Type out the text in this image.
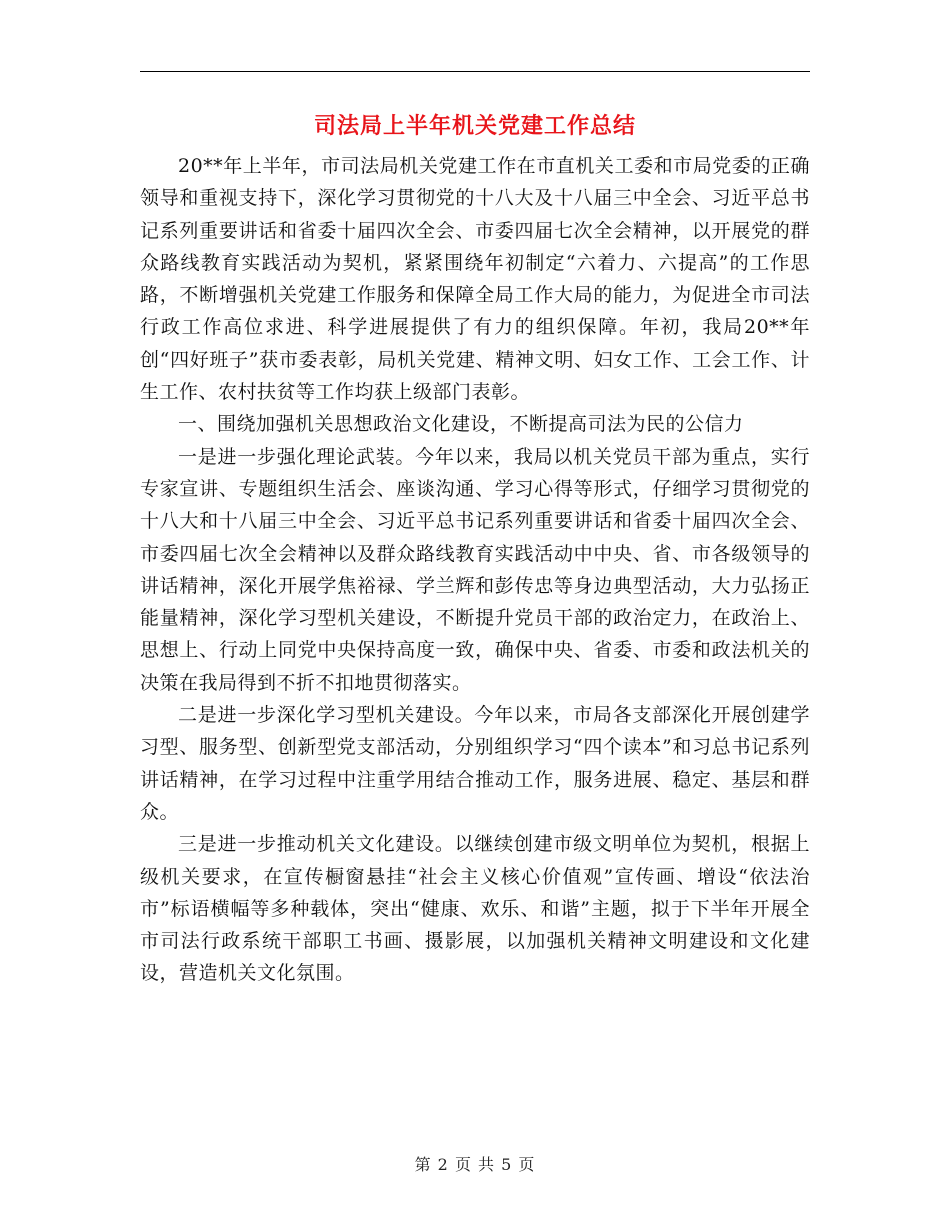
司法局上半年机关党建工作总结

20**年上半年，市司法局机关党建工作在市直机关工委和市局党委的正确领导和重视支持下，深化学习贯彻党的十八大及十八届三中全会、习近平总书记系列重要讲话和省委十届四次全会、市委四届七次全会精神，以开展党的群众路线教育实践活动为契机，紧紧围绕年初制定“六着力、六提高”的工作思路，不断增强机关党建工作服务和保障全局工作大局的能力，为促进全市司法行政工作高位求进、科学进展提供了有力的组织保障。年初，我局20**年创“四好班子”获市委表彰，局机关党建、精神文明、妇女工作、工会工作、计生工作、农村扶贫等工作均获上级部门表彰。

一、围绕加强机关思想政治文化建设，不断提高司法为民的公信力

一是进一步强化理论武装。今年以来，我局以机关党员干部为重点，实行专家宣讲、专题组织生活会、座谈沟通、学习心得等形式，仔细学习贯彻党的十八大和十八届三中全会、习近平总书记系列重要讲话和省委十届四次全会、市委四届七次全会精神以及群众路线教育实践活动中中央、省、市各级领导的讲话精神，深化开展学焦裕禄、学兰辉和彭传忠等身边典型活动，大力弘扬正能量精神，深化学习型机关建设，不断提升党员干部的政治定力，在政治上、思想上、行动上同党中央保持高度一致，确保中央、省委、市委和政法机关的决策在我局得到不折不扣地贯彻落实。

二是进一步深化学习型机关建设。今年以来，市局各支部深化开展创建学习型、服务型、创新型党支部活动，分别组织学习“四个读本”和习总书记系列讲话精神，在学习过程中注重学用结合推动工作，服务进展、稳定、基层和群众。

三是进一步推动机关文化建设。以继续创建市级文明单位为契机，根据上级机关要求，在宣传橱窗悬挂“社会主义核心价值观”宣传画、增设“依法治市”标语横幅等多种载体，突出“健康、欢乐、和谐”主题，拟于下半年开展全市司法行政系统干部职工书画、摄影展，以加强机关精神文明建设和文化建设，营造机关文化氛围。

第 2 页 共 5 页
